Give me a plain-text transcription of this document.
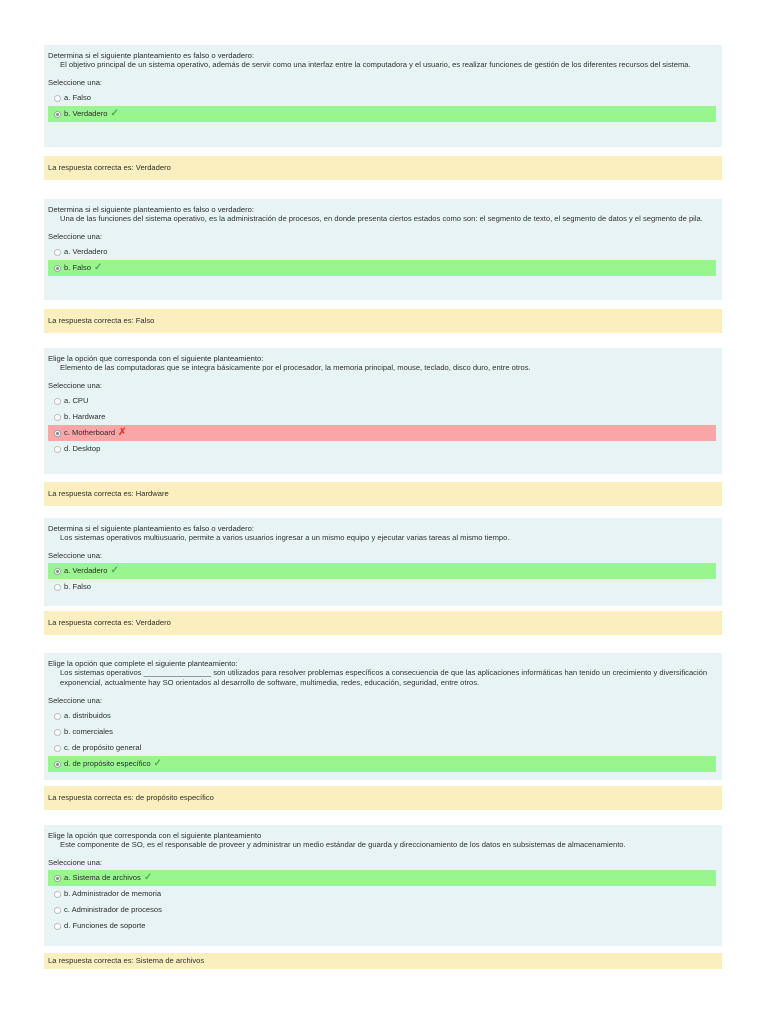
Determina si el siguiente planteamiento es falso o verdadero:
El objetivo principal de un sistema operativo, además de servir como una interfaz entre la computadora y el usuario, es realizar funciones de gestión de los diferentes recursos del sistema.
Seleccione una:
a. Falso
b. Verdadero ✓
La respuesta correcta es: Verdadero
Determina si el siguiente planteamiento es falso o verdadero:
Una de las funciones del sistema operativo, es la administración de procesos, en donde presenta ciertos estados como son: el segmento de texto, el segmento de datos y el segmento de pila.
Seleccione una:
a. Verdadero
b. Falso ✓
La respuesta correcta es: Falso
Elige la opción que corresponda con el siguiente planteamiento:
Elemento de las computadoras que se integra básicamente por el procesador, la memoria principal, mouse, teclado, disco duro, entre otros.
Seleccione una:
a. CPU
b. Hardware
c. Motherboard ✗
d. Desktop
La respuesta correcta es: Hardware
Determina si el siguiente planteamiento es falso o verdadero:
Los sistemas operativos multiusuario, permite a varios usuarios ingresar a un mismo equipo y ejecutar varias tareas al mismo tiempo.
Seleccione una:
a. Verdadero ✓
b. Falso
La respuesta correcta es: Verdadero
Elige la opción que complete el siguiente planteamiento:
Los sistemas operativos ________________ son utilizados para resolver problemas específicos a consecuencia de que las aplicaciones informáticas han tenido un crecimiento y diversificación exponencial, actualmente hay SO orientados al desarrollo de software, multimedia, redes, educación, seguridad, entre otros.
Seleccione una:
a. distribuidos
b. comerciales
c. de propósito general
d. de propósito específico ✓
La respuesta correcta es: de propósito específico
Elige la opción que corresponda con el siguiente planteamiento
Este componente de SO, es el responsable de proveer y administrar un medio estándar de guarda y direccionamiento de los datos en subsistemas de almacenamiento.
Seleccione una:
a. Sistema de archivos ✓
b. Administrador de memoria
c. Administrador de procesos
d. Funciones de soporte
La respuesta correcta es: Sistema de archivos
